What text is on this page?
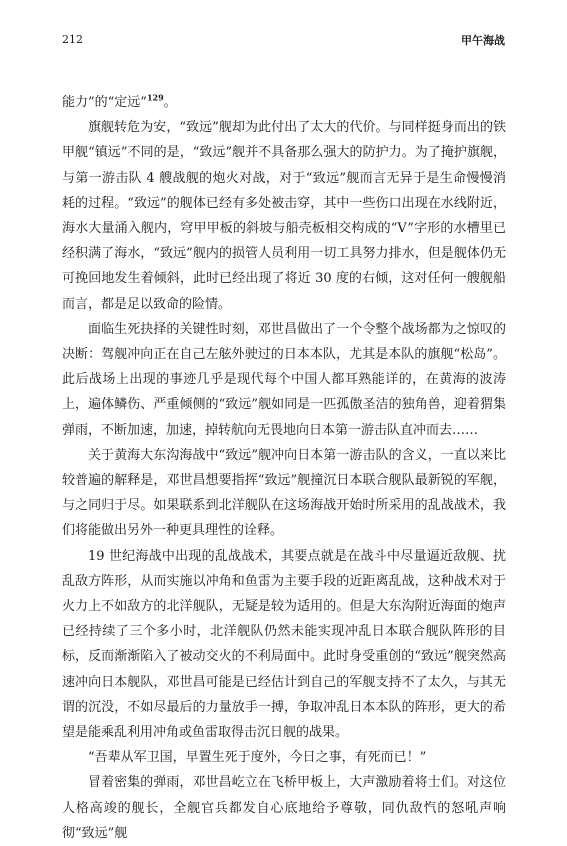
212	甲午海战

能力”的“定远”$^{129}$。

旗舰转危为安，“致远”舰却为此付出了太大的代价。与同样挺身而出的铁甲舰“镇远”不同的是，“致远”舰并不具备那么强大的防护力。为了掩护旗舰，与第一游击队 4 艘战舰的炮火对战，对于“致远”舰而言无异于是生命慢慢消耗的过程。“致远”的舰体已经有多处被击穿，其中一些伤口出现在水线附近，海水大量涌入舰内，穹甲甲板的斜坡与船壳板相交构成的“V”字形的水槽里已经积满了海水，“致远”舰内的损管人员利用一切工具努力排水，但是舰体仍无可挽回地发生着倾斜，此时已经出现了将近 30 度的右倾，这对任何一艘舰船而言，都是足以致命的险情。

面临生死抉择的关键性时刻，邓世昌做出了一个令整个战场都为之惊叹的决断：驾舰冲向正在自己左舷外驶过的日本本队，尤其是本队的旗舰“松岛”。此后战场上出现的事迹几乎是现代每个中国人都耳熟能详的，在黄海的波涛上，遍体鳞伤、严重倾侧的“致远”舰如同是一匹孤傲圣洁的独角兽，迎着猬集弹雨，不断加速，加速，掉转航向无畏地向日本第一游击队直冲而去……

关于黄海大东沟海战中“致远”舰冲向日本第一游击队的含义，一直以来比较普遍的解释是，邓世昌想要指挥“致远”舰撞沉日本联合舰队最新锐的军舰，与之同归于尽。如果联系到北洋舰队在这场海战开始时所采用的乱战战术，我们将能做出另外一种更具理性的诠释。

19 世纪海战中出现的乱战战术，其要点就是在战斗中尽量逼近敌舰、扰乱敌方阵形，从而实施以冲角和鱼雷为主要手段的近距离乱战，这种战术对于火力上不如敌方的北洋舰队，无疑是较为适用的。但是大东沟附近海面的炮声已经持续了三个多小时，北洋舰队仍然未能实现冲乱日本联合舰队阵形的目标，反而渐渐陷入了被动交火的不利局面中。此时身受重创的“致远”舰突然高速冲向日本舰队，邓世昌可能是已经估计到自己的军舰支持不了太久，与其无谓的沉没，不如尽最后的力量放手一搏，争取冲乱日本本队的阵形，更大的希望是能乘乱利用冲角或鱼雷取得击沉日舰的战果。

“吾辈从军卫国，早置生死于度外，今日之事，有死而已！”

冒着密集的弹雨，邓世昌屹立在飞桥甲板上，大声激励着将士们。对这位人格高竣的舰长，全舰官兵都发自心底地给予尊敬，同仇敌忾的怒吼声响彻“致远”舰
